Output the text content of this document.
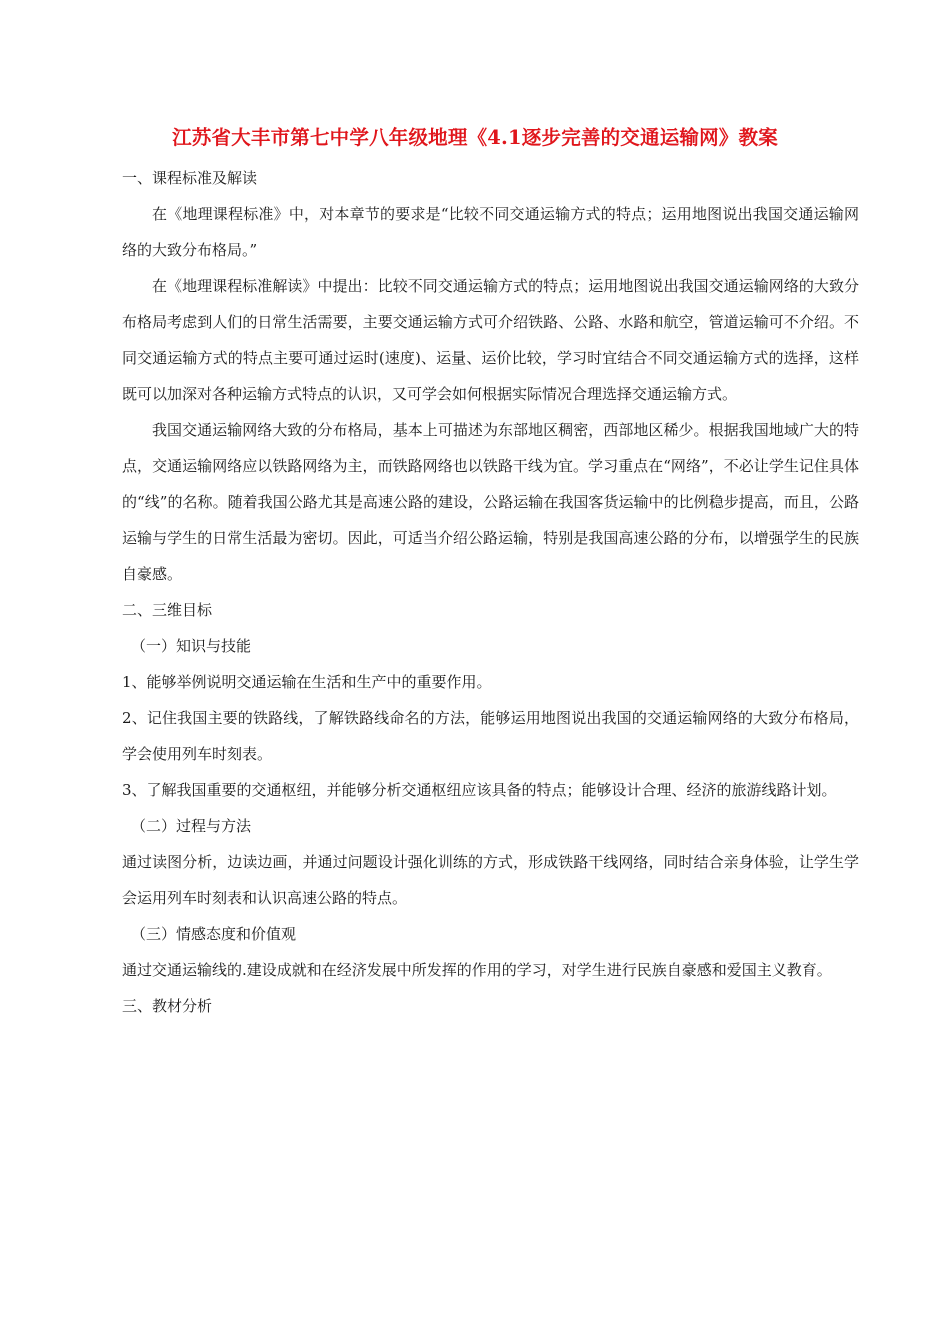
江苏省大丰市第七中学八年级地理《4.1逐步完善的交通运输网》教案

一、课程标准及解读

在《地理课程标准》中，对本章节的要求是“比较不同交通运输方式的特点；运用地图说出我国交通运输网络的大致分布格局。”

在《地理课程标准解读》中提出：比较不同交通运输方式的特点；运用地图说出我国交通运输网络的大致分布格局考虑到人们的日常生活需要，主要交通运输方式可介绍铁路、公路、水路和航空，管道运输可不介绍。不同交通运输方式的特点主要可通过运时(速度)、运量、运价比较，学习时宜结合不同交通运输方式的选择，这样既可以加深对各种运输方式特点的认识，又可学会如何根据实际情况合理选择交通运输方式。

我国交通运输网络大致的分布格局，基本上可描述为东部地区稠密，西部地区稀少。根据我国地域广大的特点，交通运输网络应以铁路网络为主，而铁路网络也以铁路干线为宜。学习重点在“网络”，不必让学生记住具体的“线”的名称。随着我国公路尤其是高速公路的建设，公路运输在我国客货运输中的比例稳步提高，而且，公路运输与学生的日常生活最为密切。因此，可适当介绍公路运输，特别是我国高速公路的分布，以增强学生的民族自豪感。

二、三维目标

（一）知识与技能

1、能够举例说明交通运输在生活和生产中的重要作用。

2、记住我国主要的铁路线，了解铁路线命名的方法，能够运用地图说出我国的交通运输网络的大致分布格局，学会使用列车时刻表。

3、了解我国重要的交通枢纽，并能够分析交通枢纽应该具备的特点；能够设计合理、经济的旅游线路计划。

（二）过程与方法

通过读图分析，边读边画，并通过问题设计强化训练的方式，形成铁路干线网络，同时结合亲身体验，让学生学会运用列车时刻表和认识高速公路的特点。

（三）情感态度和价值观

通过交通运输线的.建设成就和在经济发展中所发挥的作用的学习，对学生进行民族自豪感和爱国主义教育。

三、教材分析
